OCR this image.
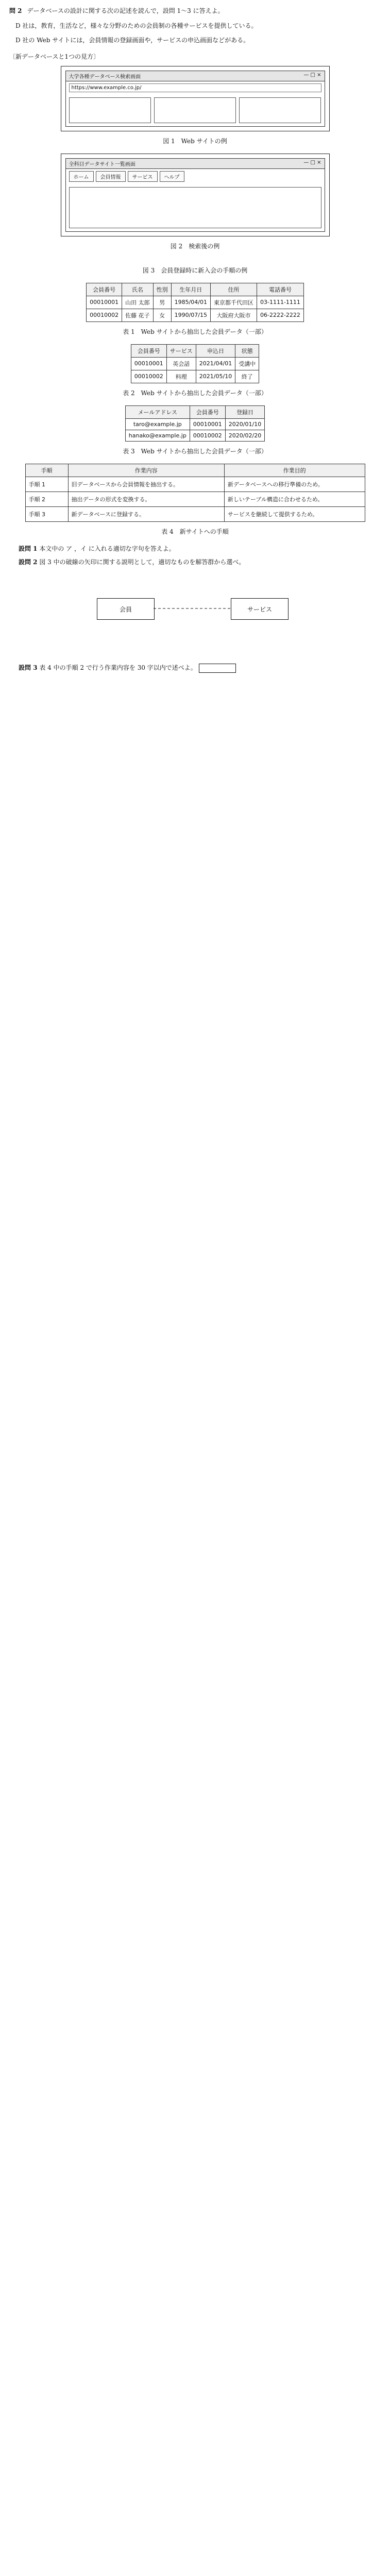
問 2 データベースの設計に関する次の記述を読んで，設問 1～3 に答えよ。

D 社は，教育，生活など，様々な分野のための会員制の各種サービスを提供している。

D 社の Web サイトには，会員情報の登録画面や，サービスの申込画面などがある。

〔新データベースと1つの見方〕
大学各種データベース検索画面	— □ ×
https://www.example.co.jp/
図 1　Web サイトの例
全科目データサイト一覧画面	— □ ×
ホーム	会員情報	サービス	ヘルプ
図 2　検索後の例
図 3　会員登録時に新入会の手順の例
会員番号	氏名	性別	生年月日	住所	電話番号
00010001	山田 太郎	男	1985/04/01	東京都千代田区	03-1111-1111
00010002	佐藤 花子	女	1990/07/15	大阪府大阪市	06-2222-2222
表 1　Web サイトから抽出した会員データ（一部）
会員番号	サービス	申込日	状態
00010001	英会話	2021/04/01	受講中
00010002	料理	2021/05/10	終了
表 2　Web サイトから抽出した会員データ（一部）
メールアドレス	会員番号	登録日
taro@example.jp	00010001	2020/01/10
hanako@example.jp	00010002	2020/02/20
表 3　Web サイトから抽出した会員データ（一部）
手順	作業内容	作業目的
手順 1	旧データベースから会員情報を抽出する。	新データベースへの移行準備のため。
手順 2	抽出データの形式を変換する。	新しいテーブル構造に合わせるため。
手順 3	新データベースに登録する。	サービスを継続して提供するため。
表 4　新サイトへの手順
設問 1 本文中の ア ，イ に入れる適切な字句を答えよ。
設問 2 図 3 中の破線の矢印に関する説明として，適切なものを解答群から選べ。
会員	サービス
設問 3 表 4 中の手順 2 で行う作業内容を 30 字以内で述べよ。
